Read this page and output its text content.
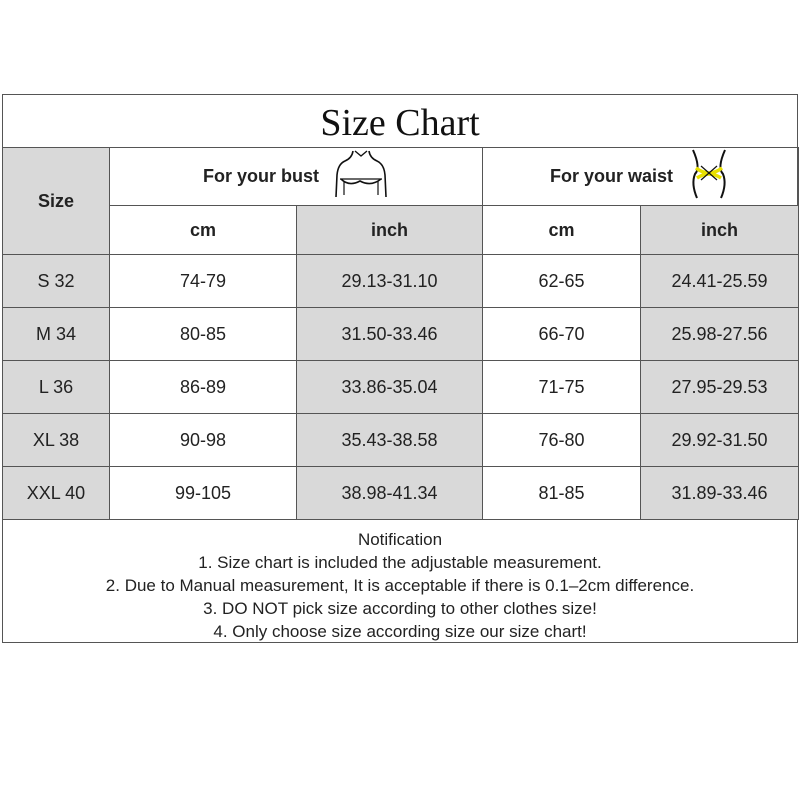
Size Chart
Size	For your bust		For your waist	

	cm	inch	cm	inch
S 32	74-79	29.13-31.10	62-65	24.41-25.59
M 34	80-85	31.50-33.46	66-70	25.98-27.56
L 36	86-89	33.86-35.04	71-75	27.95-29.53
XL 38	90-98	35.43-38.58	76-80	29.92-31.50
XXL 40	99-105	38.98-41.34	81-85	31.89-33.46
Notification
1. Size chart is included the adjustable measurement.
2. Due to Manual measurement, It is acceptable if there is 0.1–2cm difference.
3. DO NOT pick size according to other clothes size!
4. Only choose size according size our size chart!
